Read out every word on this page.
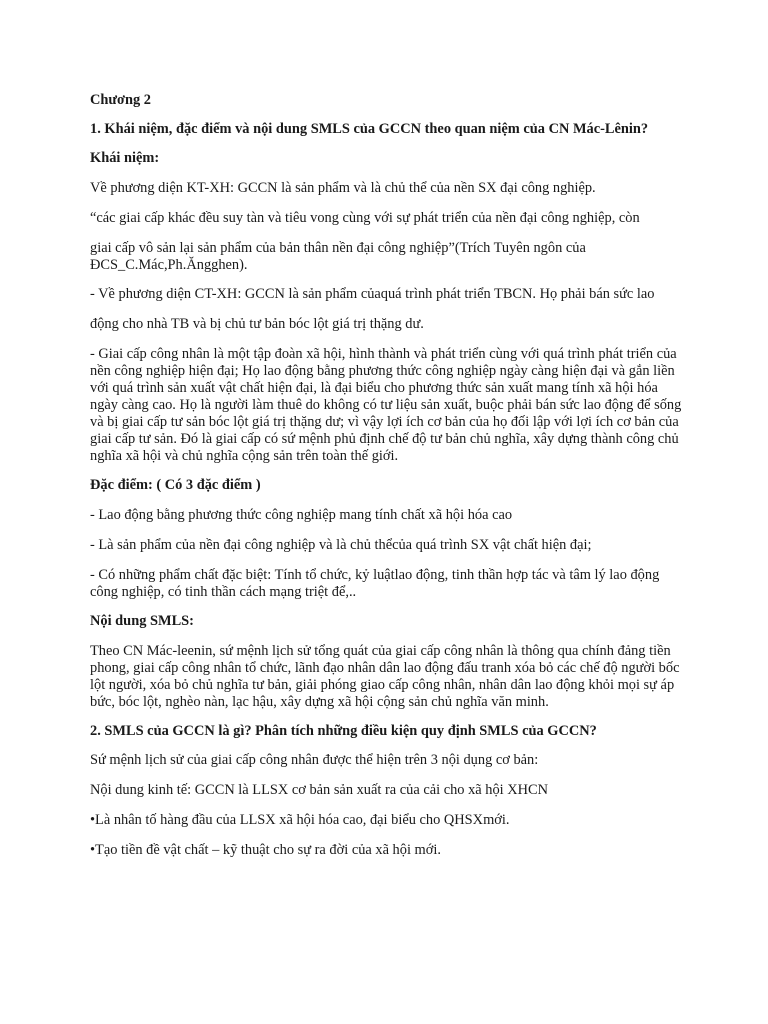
Chương 2

1. Khái niệm, đặc điểm và nội dung SMLS của GCCN theo quan niệm của CN Mác-Lênin?

Khái niệm:

Về phương diện KT-XH: GCCN là sản phẩm và là chủ thể của nền SX đại công nghiệp.

“các giai cấp khác đều suy tàn và tiêu vong cùng với sự phát triển của nền đại công nghiệp, còn

giai cấp vô sản lại sản phẩm của bản thân nền đại công nghiệp”(Trích Tuyên ngôn của ĐCS_C.Mác,Ph.Ăngghen).

- Về phương diện CT-XH: GCCN là sản phẩm củaquá trình phát triển TBCN. Họ phải bán sức lao

động cho nhà TB và bị chủ tư bản bóc lột giá trị thặng dư.

- Giai cấp công nhân là một tập đoàn xã hội, hình thành và phát triển cùng với quá trình phát triển của nền công nghiệp hiện đại; Họ lao động bằng phương thức công nghiệp ngày càng hiện đại và gắn liền với quá trình sản xuất vật chất hiện đại, là đại biểu cho phương thức sản xuất mang tính xã hội hóa ngày càng cao. Họ là người làm thuê do không có tư liệu sản xuất, buộc phải bán sức lao động để sống và bị giai cấp tư sản bóc lột giá trị thặng dư; vì vậy lợi ích cơ bản của họ đối lập với lợi ích cơ bản của giai cấp tư sản. Đó là giai cấp có sứ mệnh phủ định chế độ tư bản chủ nghĩa, xây dựng thành công chủ nghĩa xã hội và chủ nghĩa cộng sản trên toàn thế giới.

Đặc điểm: ( Có 3 đặc điểm )

- Lao động bằng phương thức công nghiệp mang tính chất xã hội hóa cao

- Là sản phẩm của nền đại công nghiệp và là chủ thểcủa quá trình SX vật chất hiện đại;

- Có những phẩm chất đặc biệt: Tính tổ chức, kỷ luậtlao động, tinh thần hợp tác và tâm lý lao động công nghiệp, có tinh thần cách mạng triệt để,..

Nội dung SMLS:

Theo CN Mác-leenin, sứ mệnh lịch sử tổng quát của giai cấp công nhân là thông qua chính đảng tiền phong, giai cấp công nhân tổ chức, lãnh đạo nhân dân lao động đấu tranh xóa bỏ các chế độ người bốc lột người, xóa bỏ chủ nghĩa tư bản, giải phóng giao cấp công nhân, nhân dân lao động khỏi mọi sự áp bức, bóc lột, nghèo nàn, lạc hậu, xây dựng xã hội cộng sản chủ nghĩa văn minh.

2. SMLS của GCCN là gì? Phân tích những điều kiện quy định SMLS của GCCN?

Sứ mệnh lịch sử của giai cấp công nhân được thể hiện trên 3 nội dụng cơ bản:

Nội dung kinh tế: GCCN là LLSX cơ bản sản xuất ra của cải cho xã hội XHCN

•Là nhân tố hàng đầu của LLSX xã hội hóa cao, đại biểu cho QHSXmới.

•Tạo tiền đề vật chất – kỹ thuật cho sự ra đời của xã hội mới.
